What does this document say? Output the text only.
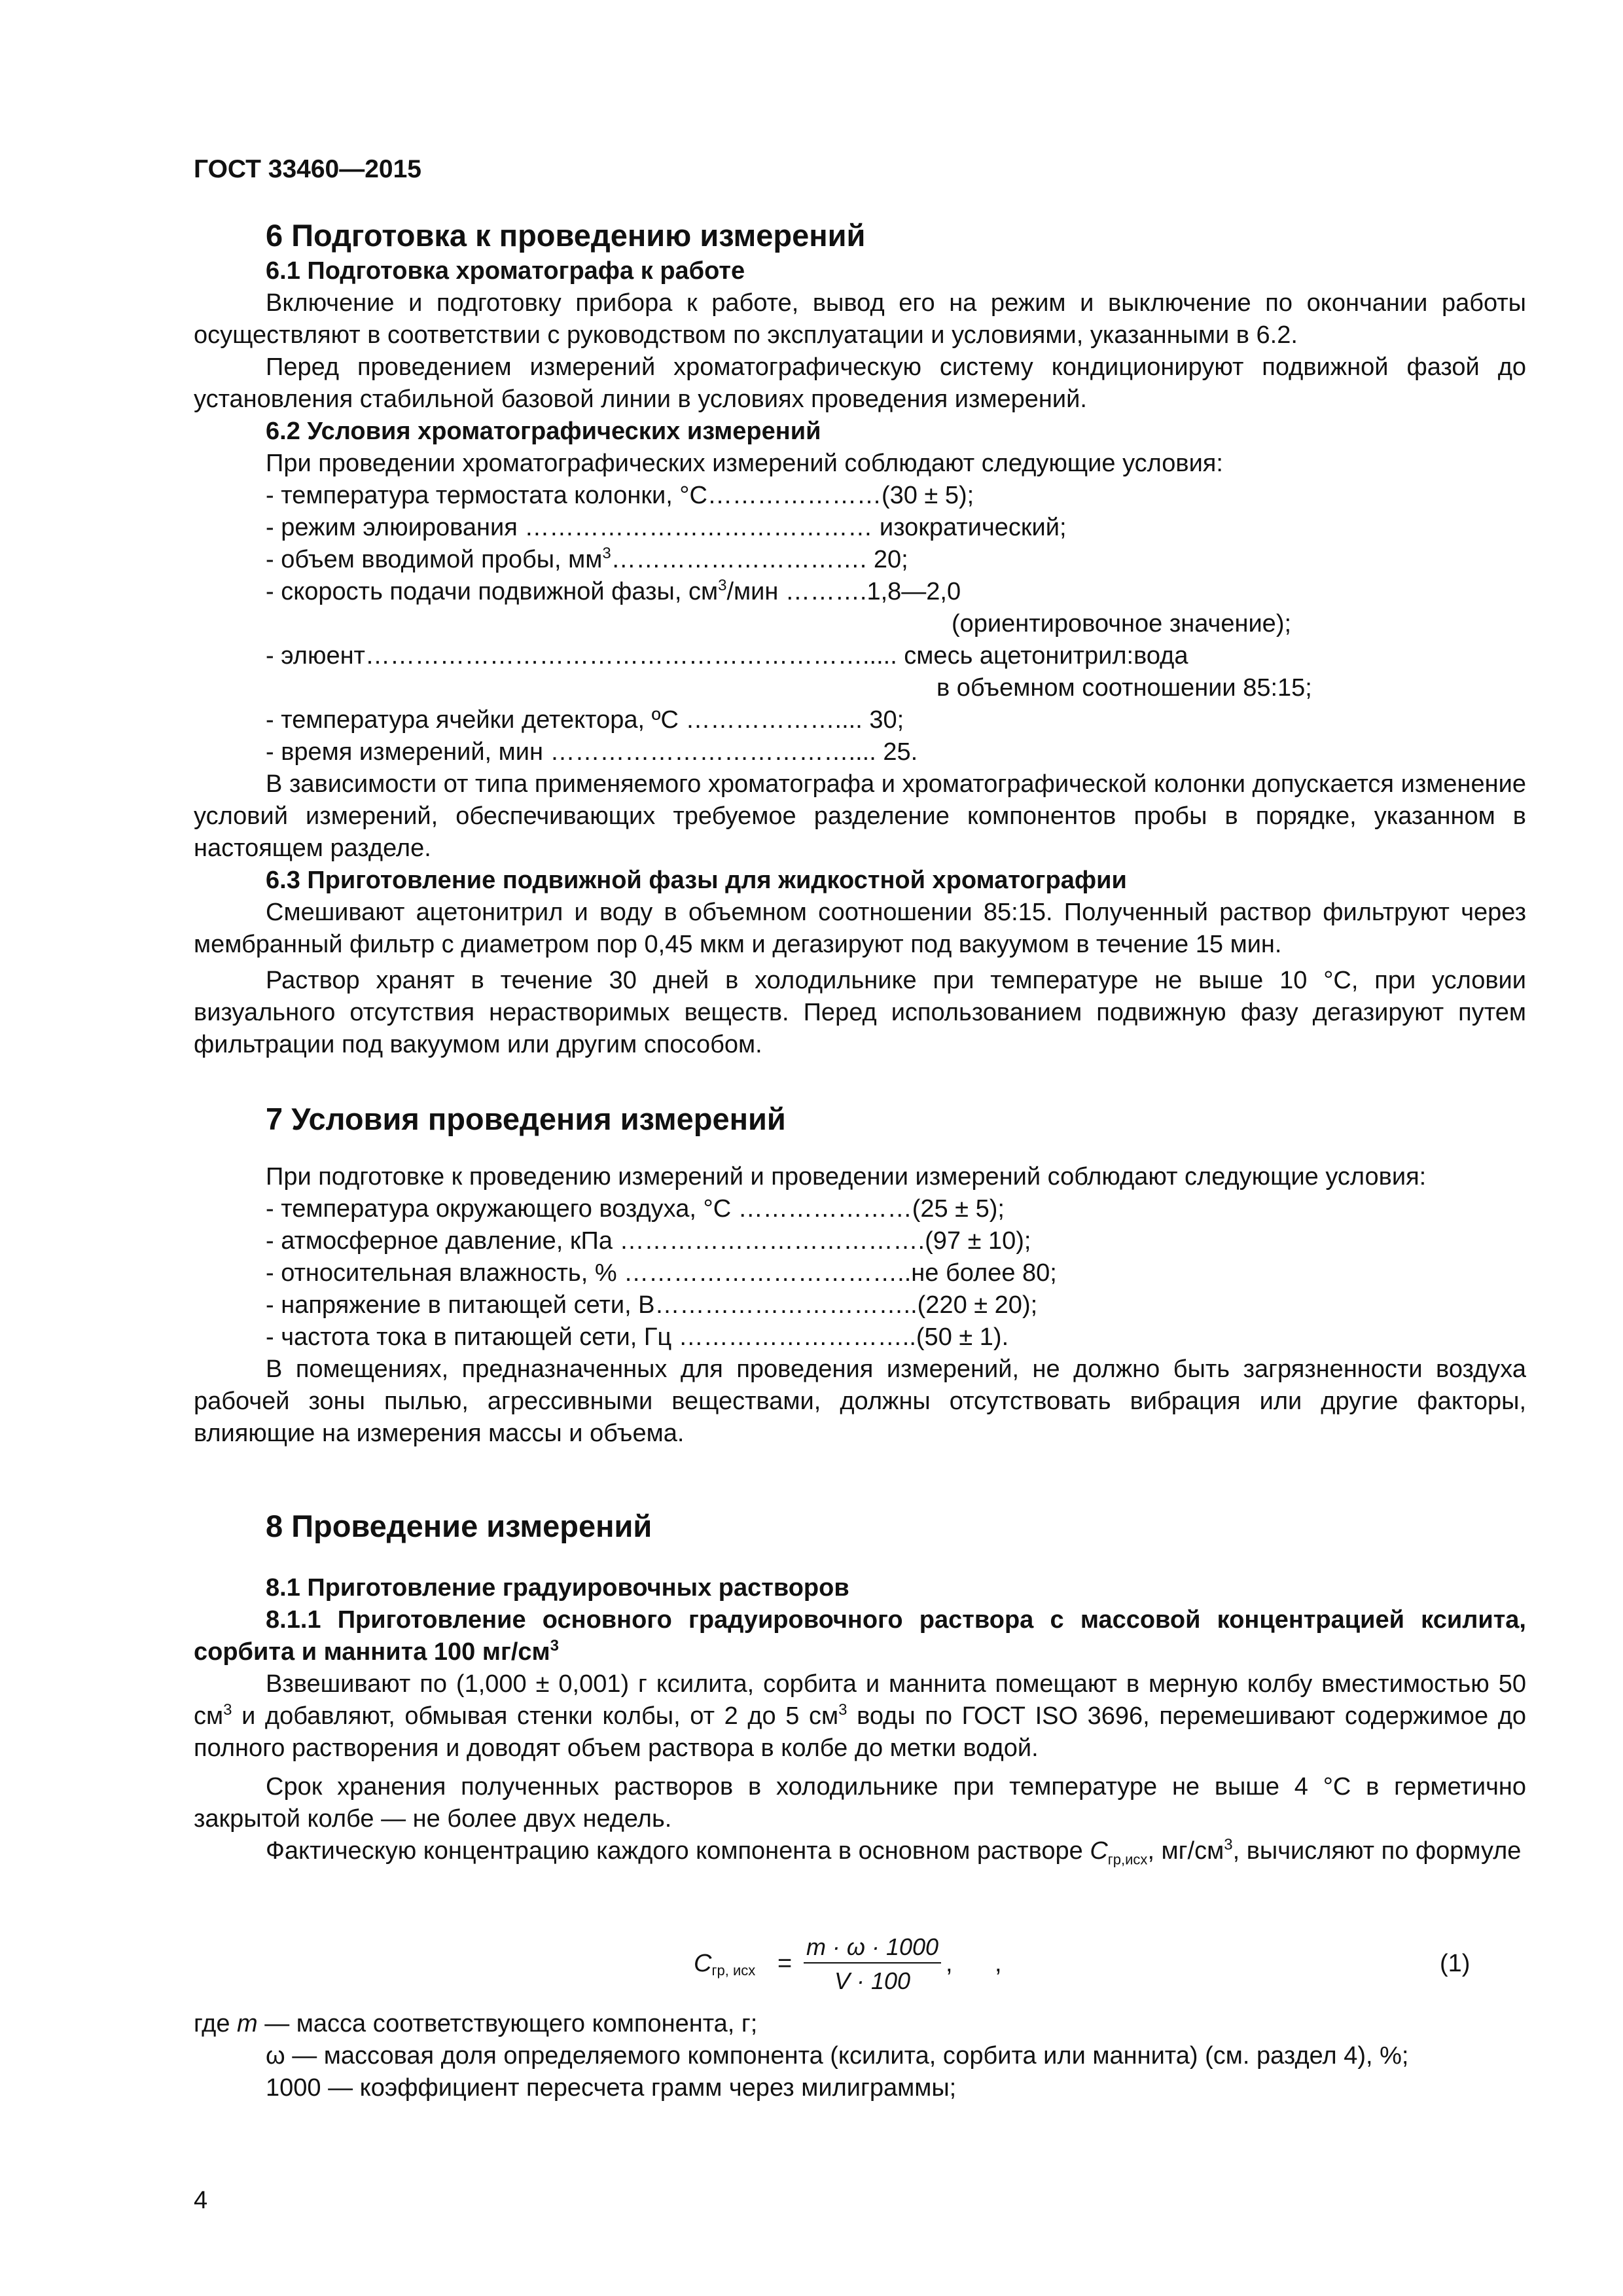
ГОСТ 33460—2015

6 Подготовка к проведению измерений

6.1 Подготовка хроматографа к работе

Включение и подготовку прибора к работе, вывод его на режим и выключение по окончании работы осуществляют в соответствии с руководством по эксплуатации и условиями, указанными в 6.2.

Перед проведением измерений хроматографическую систему кондиционируют подвижной фазой до установления стабильной базовой линии в условиях проведения измерений.

6.2 Условия хроматографических измерений

При проведении хроматографических измерений соблюдают следующие условия:

- температура термостата колонки, °С…………………(30 ± 5);

- режим элюирования …………………………………… изократический;

- объем вводимой пробы, $мм^3\dots\dots\dots\dots\dots\dots\dots\dots\dots\dots$. 20;

- скорость подачи подвижной фазы, $см^3$/мин ……….1,8—2,0

(ориентировочное значение);

- элюент……………………………………………………..... смесь ацетонитрил:вода

в объемном соотношении 85:15;

- температура ячейки детектора, ºС ……………….... 30;

- время измерений, мин ……………………………….... 25.

В зависимости от типа применяемого хроматографа и хроматографической колонки допускается изменение условий измерений, обеспечивающих требуемое разделение компонентов пробы в порядке, указанном в настоящем разделе.

6.3 Приготовление подвижной фазы для жидкостной хроматографии

Смешивают ацетонитрил и воду в объемном соотношении 85:15. Полученный раствор фильтруют через мембранный фильтр с диаметром пор 0,45 мкм и дегазируют под вакуумом в течение 15 мин.

Раствор хранят в течение 30 дней в холодильнике при температуре не выше 10 °С, при условии визуального отсутствия нерастворимых веществ. Перед использованием подвижную фазу дегазируют путем фильтрации под вакуумом или другим способом.

7 Условия проведения измерений

При подготовке к проведению измерений и проведении измерений соблюдают следующие условия:

- температура окружающего воздуха, °С …………………(25 ± 5);

- атмосферное давление, кПа ……………………………….(97 ± 10);

- относительная влажность, % ……………………………..не более 80;

- напряжение в питающей сети, В…………………………..(220 ± 20);

- частота тока в питающей сети, Гц ………………………..(50 ± 1).

В помещениях, предназначенных для проведения измерений, не должно быть загрязненности воздуха рабочей зоны пылью, агрессивными веществами, должны отсутствовать вибрация или другие факторы, влияющие на измерения массы и объема.

8 Проведение измерений

8.1 Приготовление градуировочных растворов

8.1.1 Приготовление основного градуировочного раствора с массовой концентрацией ксилита, сорбита и маннита 100 $мг/см^3$

Взвешивают по (1,000 ± 0,001) г ксилита, сорбита и маннита помещают в мерную колбу вместимостью 50 $см^3$ и добавляют, обмывая стенки колбы, от 2 до 5 $см^3$ воды по ГОСТ ISO 3696, перемешивают содержимое до полного растворения и доводят объем раствора в колбе до метки водой.

Срок хранения полученных растворов в холодильнике при температуре не выше 4 °С в герметично закрытой колбе — не более двух недель.

Фактическую концентрацию каждого компонента в основном растворе $C_{гр,исх}$, $мг/см^3$, вычисляют по формуле

$C_{гр, исх}$ =
m · ω · 1000
V · 100
, ,	(1)

где m — масса соответствующего компонента, г;

ω — массовая доля определяемого компонента (ксилита, сорбита или маннита) (см. раздел 4), %;

1000 — коэффициент пересчета грамм через милиграммы;

4
